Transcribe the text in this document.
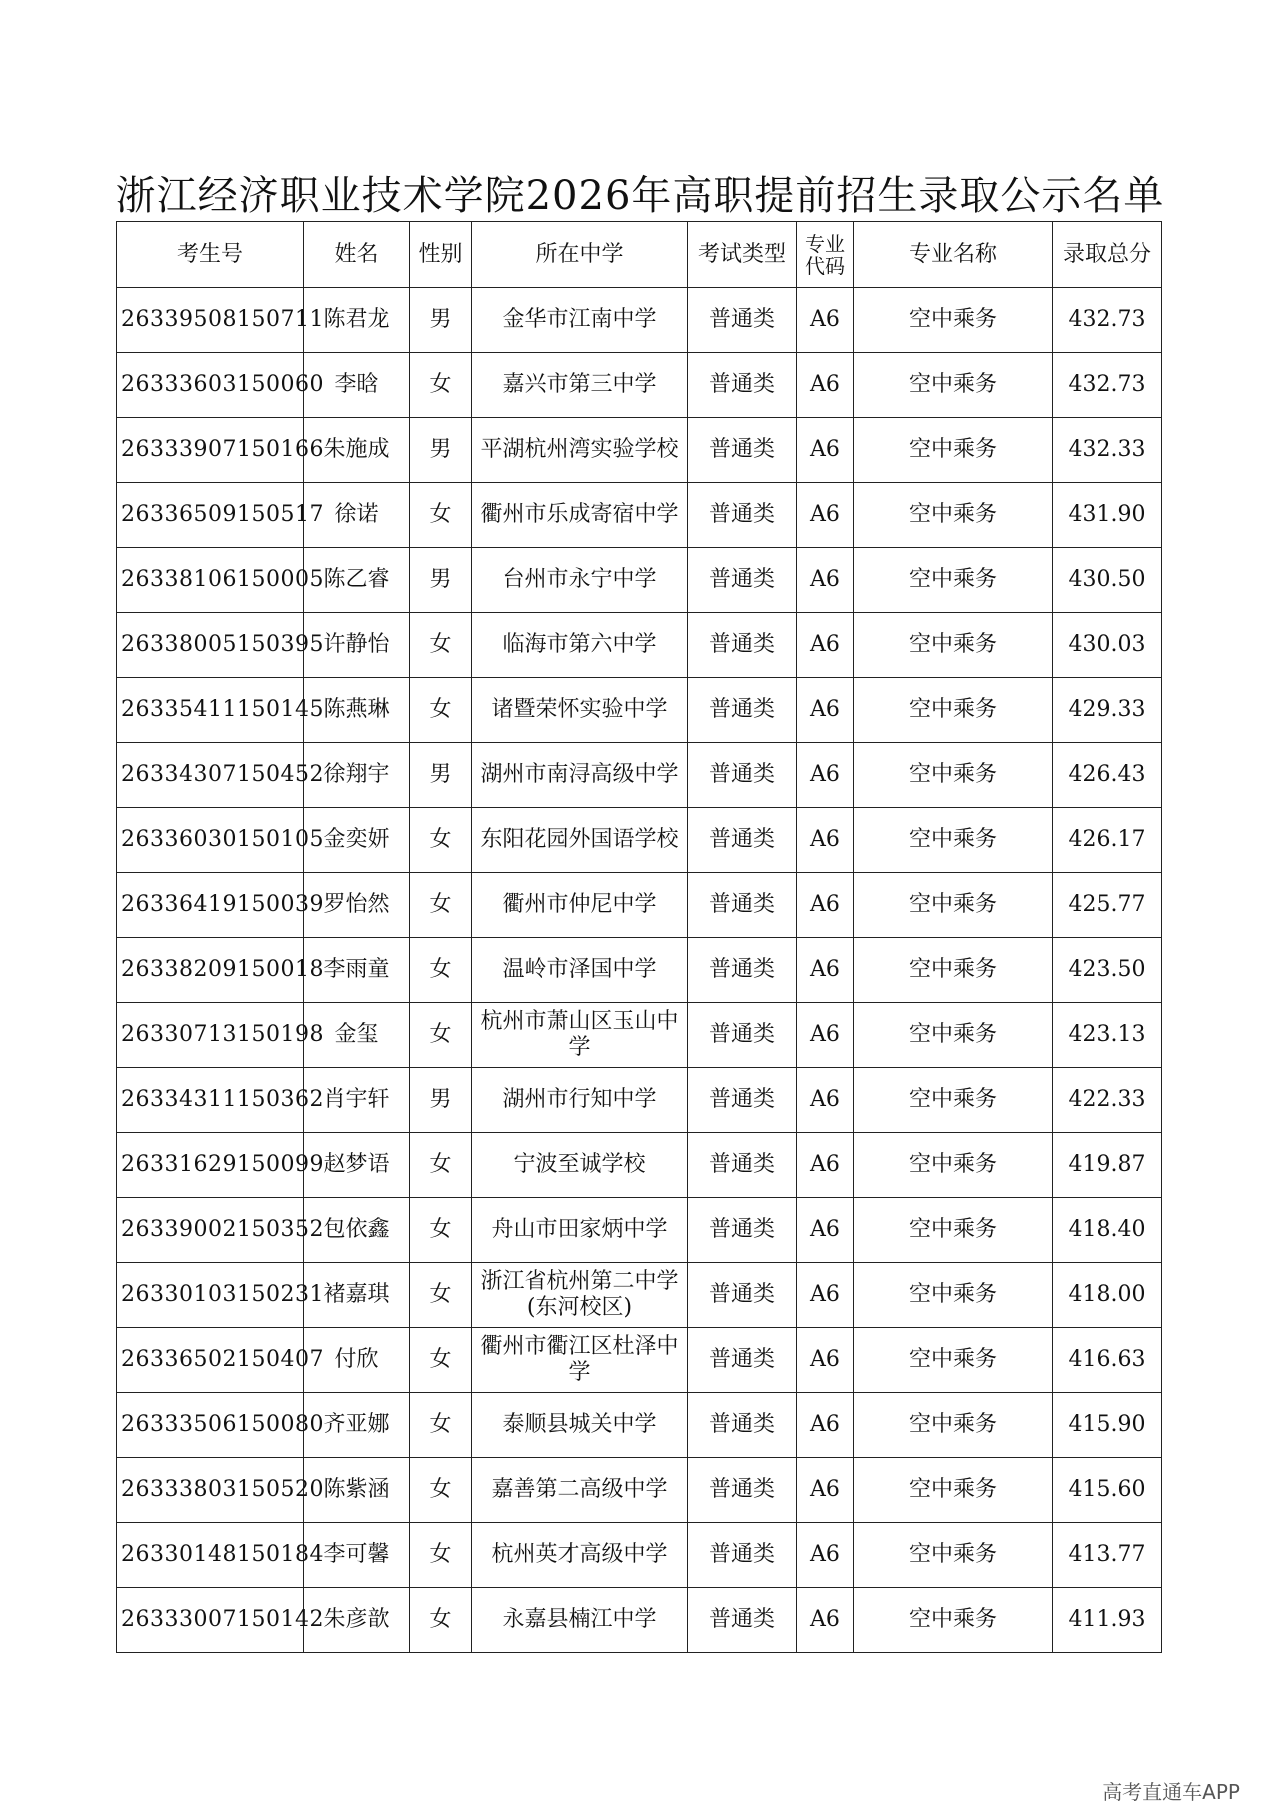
浙江经济职业技术学院2026年高职提前招生录取公示名单
考生号	姓名	性别	所在中学	考试类型	专业代码	专业名称	录取总分
26339508150711	陈君龙	男	金华市江南中学	普通类	A6	空中乘务	432.73
26333603150060	李晗	女	嘉兴市第三中学	普通类	A6	空中乘务	432.73
26333907150166	朱施成	男	平湖杭州湾实验学校	普通类	A6	空中乘务	432.33
26336509150517	徐诺	女	衢州市乐成寄宿中学	普通类	A6	空中乘务	431.90
26338106150005	陈乙睿	男	台州市永宁中学	普通类	A6	空中乘务	430.50
26338005150395	许静怡	女	临海市第六中学	普通类	A6	空中乘务	430.03
26335411150145	陈燕琳	女	诸暨荣怀实验中学	普通类	A6	空中乘务	429.33
26334307150452	徐翔宇	男	湖州市南浔高级中学	普通类	A6	空中乘务	426.43
26336030150105	金奕妍	女	东阳花园外国语学校	普通类	A6	空中乘务	426.17
26336419150039	罗怡然	女	衢州市仲尼中学	普通类	A6	空中乘务	425.77
26338209150018	李雨童	女	温岭市泽国中学	普通类	A6	空中乘务	423.50
26330713150198	金玺	女	杭州市萧山区玉山中学	普通类	A6	空中乘务	423.13
26334311150362	肖宇轩	男	湖州市行知中学	普通类	A6	空中乘务	422.33
26331629150099	赵梦语	女	宁波至诚学校	普通类	A6	空中乘务	419.87
26339002150352	包依鑫	女	舟山市田家炳中学	普通类	A6	空中乘务	418.40
26330103150231	褚嘉琪	女	浙江省杭州第二中学(东河校区)	普通类	A6	空中乘务	418.00
26336502150407	付欣	女	衢州市衢江区杜泽中学	普通类	A6	空中乘务	416.63
26333506150080	齐亚娜	女	泰顺县城关中学	普通类	A6	空中乘务	415.90
26333803150520	陈紫涵	女	嘉善第二高级中学	普通类	A6	空中乘务	415.60
26330148150184	李可馨	女	杭州英才高级中学	普通类	A6	空中乘务	413.77
26333007150142	朱彦歆	女	永嘉县楠江中学	普通类	A6	空中乘务	411.93
高考直通车APP
